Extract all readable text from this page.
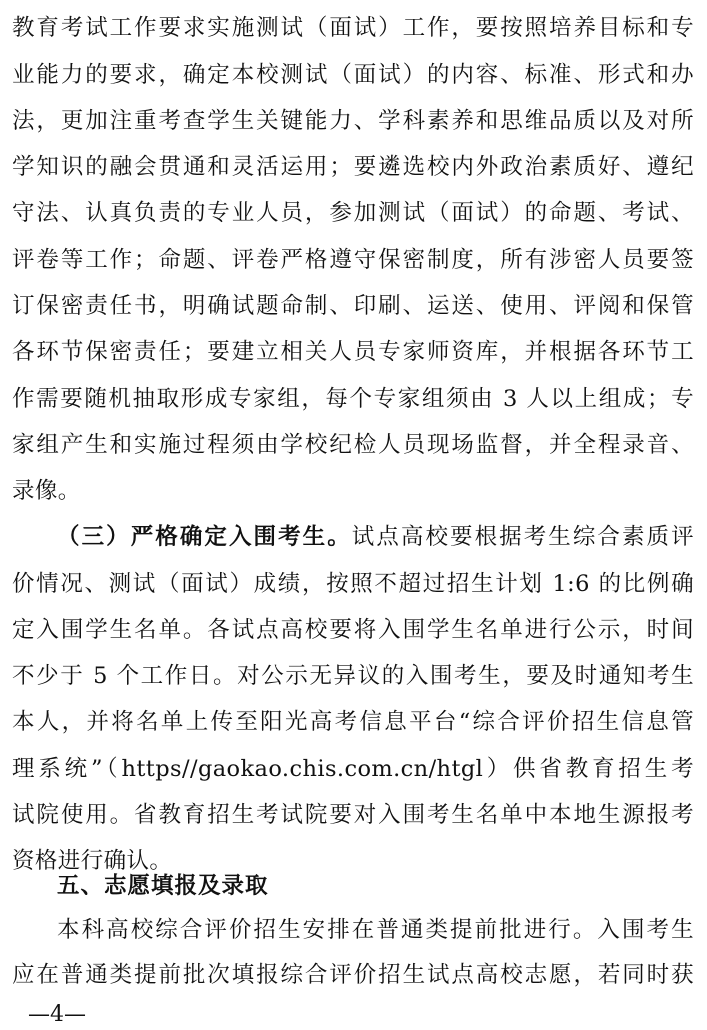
教育考试工作要求实施测试（面试）工作，要按照培养目标和专
业能力的要求，确定本校测试（面试）的内容、标准、形式和办
法，更加注重考查学生关键能力、学科素养和思维品质以及对所
学知识的融会贯通和灵活运用；要遴选校内外政治素质好、遵纪
守法、认真负责的专业人员，参加测试（面试）的命题、考试、
评卷等工作；命题、评卷严格遵守保密制度，所有涉密人员要签
订保密责任书，明确试题命制、印刷、运送、使用、评阅和保管
各环节保密责任；要建立相关人员专家师资库，并根据各环节工
作需要随机抽取形成专家组，每个专家组须由 3 人以上组成；专
家组产生和实施过程须由学校纪检人员现场监督，并全程录音、
录像。
（三）严格确定入围考生。试点高校要根据考生综合素质评
价情况、测试（面试）成绩，按照不超过招生计划 1:6 的比例确
定入围学生名单。各试点高校要将入围学生名单进行公示，时间
不少于 5 个工作日。对公示无异议的入围考生，要及时通知考生
本人，并将名单上传至阳光高考信息平台“综合评价招生信息管
理系统”（https//gaokao.chis.com.cn/htgl）供省教育招生考
试院使用。省教育招生考试院要对入围考生名单中本地生源报考
资格进行确认。
五、志愿填报及录取
本科高校综合评价招生安排在普通类提前批进行。入围考生
应在普通类提前批次填报综合评价招生试点高校志愿，若同时获
—4—
